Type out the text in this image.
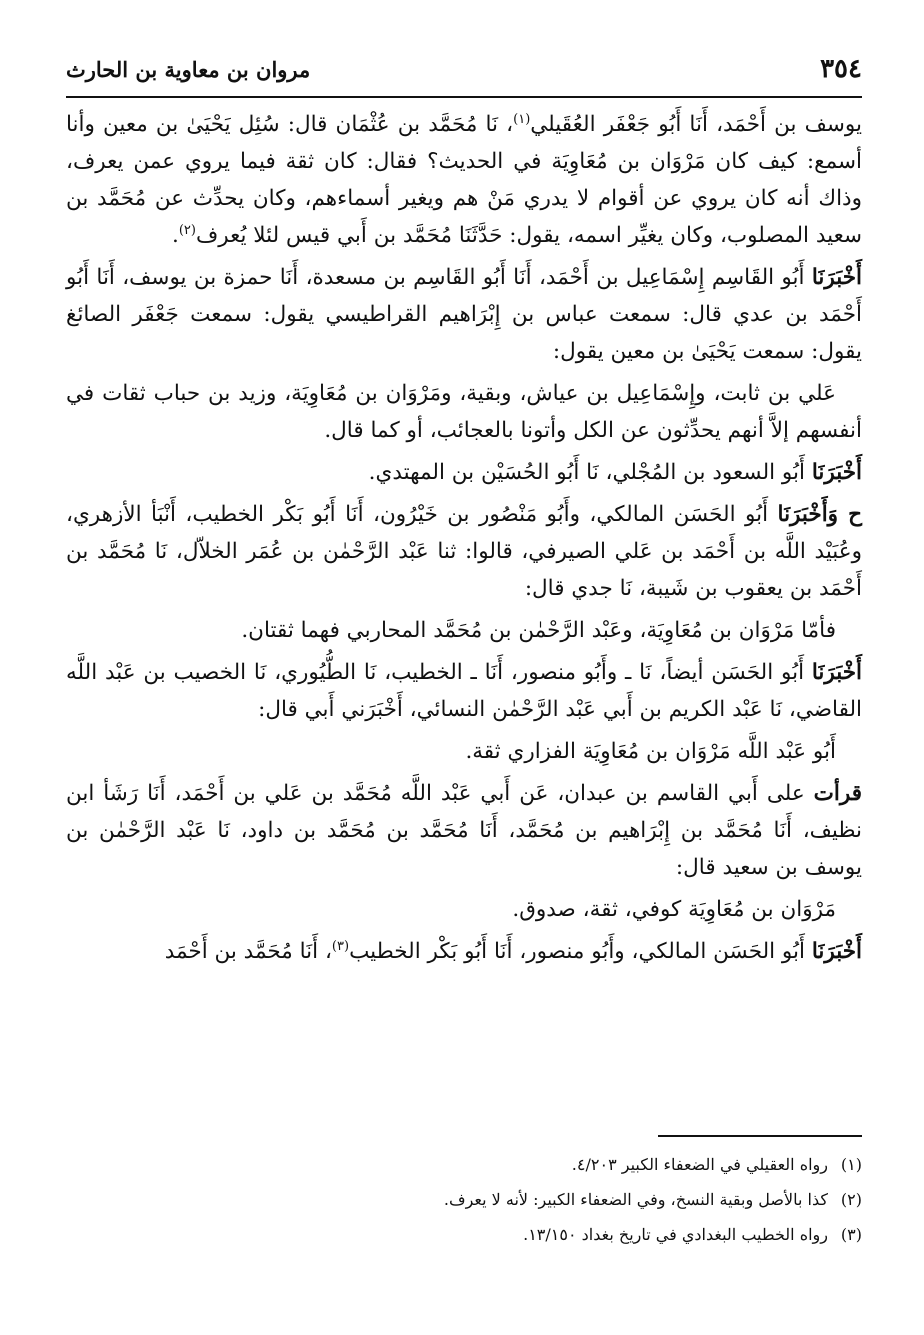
٣٥٤
مروان بن معاوية بن الحارث

يوسف بن أَحْمَد، أَنَا أَبُو جَعْفَر العُقَيلي$^{(١)}$، نَا مُحَمَّد بن عُثْمَان قال: سُئِل يَحْيَىٰ بن معين وأنا أسمع: كيف كان مَرْوَان بن مُعَاوِيَة في الحديث؟ فقال: كان ثقة فيما يروي عمن يعرف، وذاك أنه كان يروي عن أقوام لا يدري مَنْ هم ويغير أسماءهم، وكان يحدِّث عن مُحَمَّد بن سعيد المصلوب، وكان يغيِّر اسمه، يقول: حَدَّثَنَا مُحَمَّد بن أَبي قيس لئلا يُعرف$^{(٢)}$.

أَخْبَرَنَا أَبُو القَاسِم إِسْمَاعِيل بن أَحْمَد، أَنَا أَبُو القَاسِم بن مسعدة، أَنَا حمزة بن يوسف، أَنَا أَبُو أَحْمَد بن عدي قال: سمعت عباس بن إِبْرَاهيم القراطيسي يقول: سمعت جَعْفَر الصائغ يقول: سمعت يَحْيَىٰ بن معين يقول:

عَلي بن ثابت، وإِسْمَاعِيل بن عياش، وبقية، ومَرْوَان بن مُعَاوِيَة، وزيد بن حباب ثقات في أنفسهم إلاَّ أنهم يحدِّثون عن الكل وأتونا بالعجائب، أو كما قال.

أَخْبَرَنَا أَبُو السعود بن المُجْلي، نَا أَبُو الحُسَيْن بن المهتدي.

ح وَأَخْبَرَنَا أَبُو الحَسَن المالكي، وأَبُو مَنْصُور بن خَيْرُون، أَنَا أَبُو بَكْر الخطيب، أَنْبَأ الأزهري، وعُبَيْد اللَّه بن أَحْمَد بن عَلي الصيرفي، قالوا: ثنا عَبْد الرَّحْمٰن بن عُمَر الخلاّل، نَا مُحَمَّد بن أَحْمَد بن يعقوب بن شَيبة، نَا جدي قال:

فأمّا مَرْوَان بن مُعَاوِيَة، وعَبْد الرَّحْمٰن بن مُحَمَّد المحاربي فهما ثقتان.

أَخْبَرَنَا أَبُو الحَسَن أيضاً، نَا ـ وأَبُو منصور، أَنَا ـ الخطيب، نَا الطُّيُوري، نَا الخصيب بن عَبْد اللَّه القاضي، نَا عَبْد الكريم بن أَبي عَبْد الرَّحْمٰن النسائي، أَخْبَرَني أَبي قال:

أَبُو عَبْد اللَّه مَرْوَان بن مُعَاوِيَة الفزاري ثقة.

قرأت على أَبي القاسم بن عبدان، عَن أَبي عَبْد اللَّه مُحَمَّد بن عَلي بن أَحْمَد، أَنَا رَشَأ ابن نظيف، أَنَا مُحَمَّد بن إِبْرَاهيم بن مُحَمَّد، أَنَا مُحَمَّد بن مُحَمَّد بن داود، نَا عَبْد الرَّحْمٰن بن يوسف بن سعيد قال:

مَرْوَان بن مُعَاوِيَة كوفي، ثقة، صدوق.

أَخْبَرَنَا أَبُو الحَسَن المالكي، وأَبُو منصور، أَنَا أَبُو بَكْر الخطيب$^{(٣)}$، أَنَا مُحَمَّد بن أَحْمَد

(١)
رواه العقيلي في الضعفاء الكبير ٤/٢٠٣.
(٢)
كذا بالأصل وبقية النسخ، وفي الضعفاء الكبير: لأنه لا يعرف.
(٣)
رواه الخطيب البغدادي في تاريخ بغداد ١٣/١٥٠.
